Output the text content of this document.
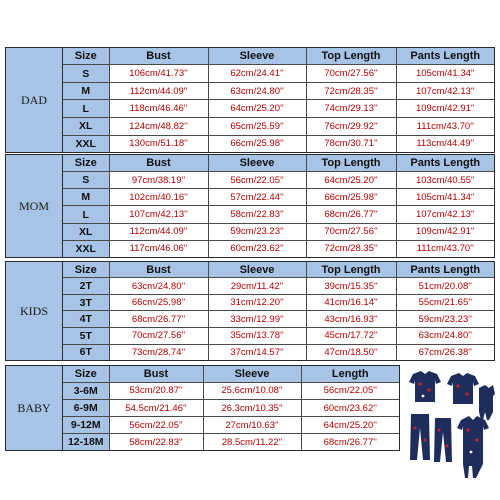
DAD
Size	Bust	Sleeve	Top Length	Pants Length
S	106cm/41.73''	62cm/24.41''	70cm/27.56''	105cm/41.34''
M	112cm/44.09''	63cm/24.80''	72cm/28.35''	107cm/42.13''
L	118cm/46.46''	64cm/25.20''	74cm/29.13''	109cm/42.91''
XL	124cm/48.82''	65cm/25.59''	76cm/29.92''	111cm/43.70''
XXL	130cm/51.18''	66cm/25.98''	78cm/30.71''	113cm/44.49''
MOM
Size	Bust	Sleeve	Top Length	Pants Length
S	97cm/38.19''	56cm/22.05''	64cm/25.20''	103cm/40.55''
M	102cm/40.16''	57cm/22.44''	66cm/25.98''	105cm/41.34''
L	107cm/42.13''	58cm/22.83''	68cm/26.77''	107cm/42.13''
XL	112cm/44.09''	59cm/23.23''	70cm/27.56''	109cm/42.91''
XXL	117cm/46.06''	60cm/23.62''	72cm/28.35''	111cm/43.70''
KIDS
Size	Bust	Sleeve	Top Length	Pants Length
2T	63cm/24.80''	29cm/11.42''	39cm/15.35''	51cm/20.08''
3T	66cm/25.98''	31cm/12.20''	41cm/16.14''	55cm/21.65''
4T	68cm/26.77''	33cm/12.99''	43cm/16.93''	59cm/23.23''
5T	70cm/27.56''	35cm/13.78''	45cm/17.72''	63cm/24.80''
6T	73cm/28.74''	37cm/14.57''	47cm/18.50''	67cm/26.38''
BABY
Size	Bust	Sleeve	Length
3-6M	53cm/20.87''	25.6cm/10.08''	56cm/22.05''
6-9M	54.5cm/21.46''	26.3cm/10.35''	60cm/23.62''
9-12M	56cm/22.05''	27cm/10.63''	64cm/25.20''
12-18M	58cm/22.83''	28.5cm/11.22''	68cm/26.77''
